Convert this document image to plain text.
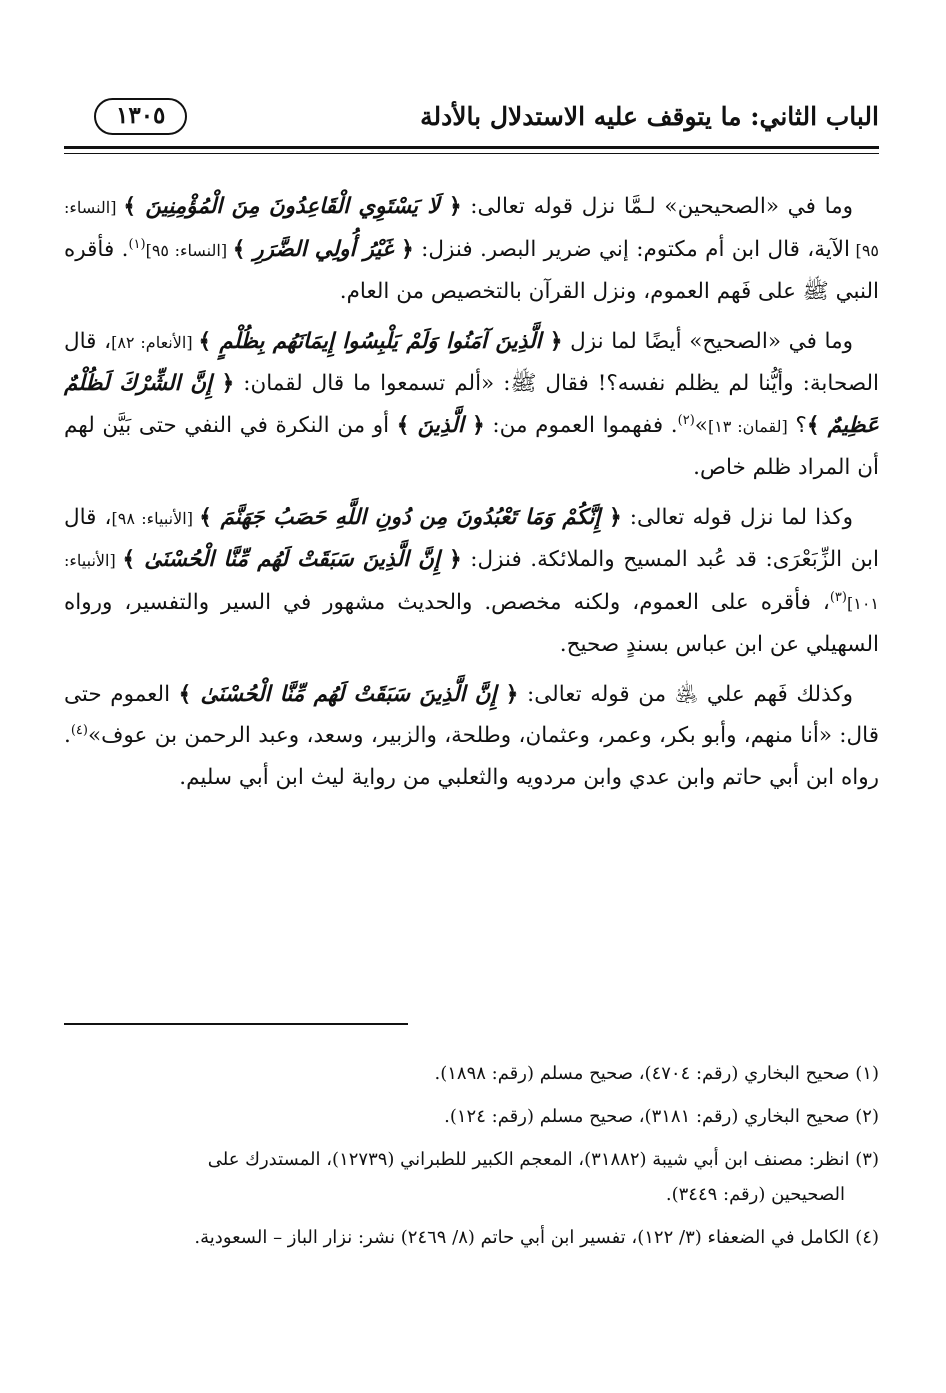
الباب الثاني: ما يتوقف عليه الاستدلال بالأدلة
١٣٠٥

وما في «الصحيحين» لـمَّا نزل قوله تعالى: ﴿ لَا يَسْتَوِي الْقَاعِدُونَ مِنَ الْمُؤْمِنِينَ ﴾ [النساء: ٩٥] الآية، قال ابن أم مكتوم: إني ضرير البصر. فنزل: ﴿ غَيْرُ أُولِي الضَّرَرِ ﴾ [النساء: ٩٥]$^{(١)}$. فأقره النبي ﷺ على فَهم العموم، ونزل القرآن بالتخصيص من العام.

وما في «الصحيح» أيضًا لما نزل ﴿ الَّذِينَ آمَنُوا وَلَمْ يَلْبِسُوا إِيمَانَهُم بِظُلْمٍ ﴾ [الأنعام: ٨٢]، قال الصحابة: وأيُّنا لم يظلم نفسه؟! فقال ﷺ: «ألم تسمعوا ما قال لقمان: ﴿ إِنَّ الشِّرْكَ لَظُلْمٌ عَظِيمٌ ﴾؟ [لقمان: ١٣]»$^{(٢)}$. ففهموا العموم من: ﴿ الَّذِينَ ﴾ أو من النكرة في النفي حتى بَيَّن لهم أن المراد ظلم خاص.

وكذا لما نزل قوله تعالى: ﴿ إِنَّكُمْ وَمَا تَعْبُدُونَ مِن دُونِ اللَّهِ حَصَبُ جَهَنَّمَ ﴾ [الأنبياء: ٩٨]، قال ابن الزِّبَعْرَى: قد عُبد المسيح والملائكة. فنزل: ﴿ إِنَّ الَّذِينَ سَبَقَتْ لَهُم مِّنَّا الْحُسْنَىٰ ﴾ [الأنبياء: ١٠١]$^{(٣)}$، فأقره على العموم، ولكنه مخصص. والحديث مشهور في السير والتفسير، ورواه السهيلي عن ابن عباس بسندٍ صحيح.

وكذلك فَهم علي ﵁ من قوله تعالى: ﴿ إِنَّ الَّذِينَ سَبَقَتْ لَهُم مِّنَّا الْحُسْنَىٰ ﴾ العموم حتى قال: «أنا منهم، وأبو بكر، وعمر، وعثمان، وطلحة، والزبير، وسعد، وعبد الرحمن بن عوف»$^{(٤)}$. رواه ابن أبي حاتم وابن عدي وابن مردويه والثعلبي من رواية ليث ابن أبي سليم.

(١) صحيح البخاري (رقم: ٤٧٠٤)، صحيح مسلم (رقم: ١٨٩٨).

(٢) صحيح البخاري (رقم: ٣١٨١)، صحيح مسلم (رقم: ١٢٤).

(٣) انظر: مصنف ابن أبي شيبة (٣١٨٨٢)، المعجم الكبير للطبراني (١٢٧٣٩)، المستدرك على
الصحيحين (رقم: ٣٤٤٩).

(٤) الكامل في الضعفاء (٣/ ١٢٢)، تفسير ابن أبي حاتم (٨/ ٢٤٦٩) نشر: نزار الباز – السعودية.
